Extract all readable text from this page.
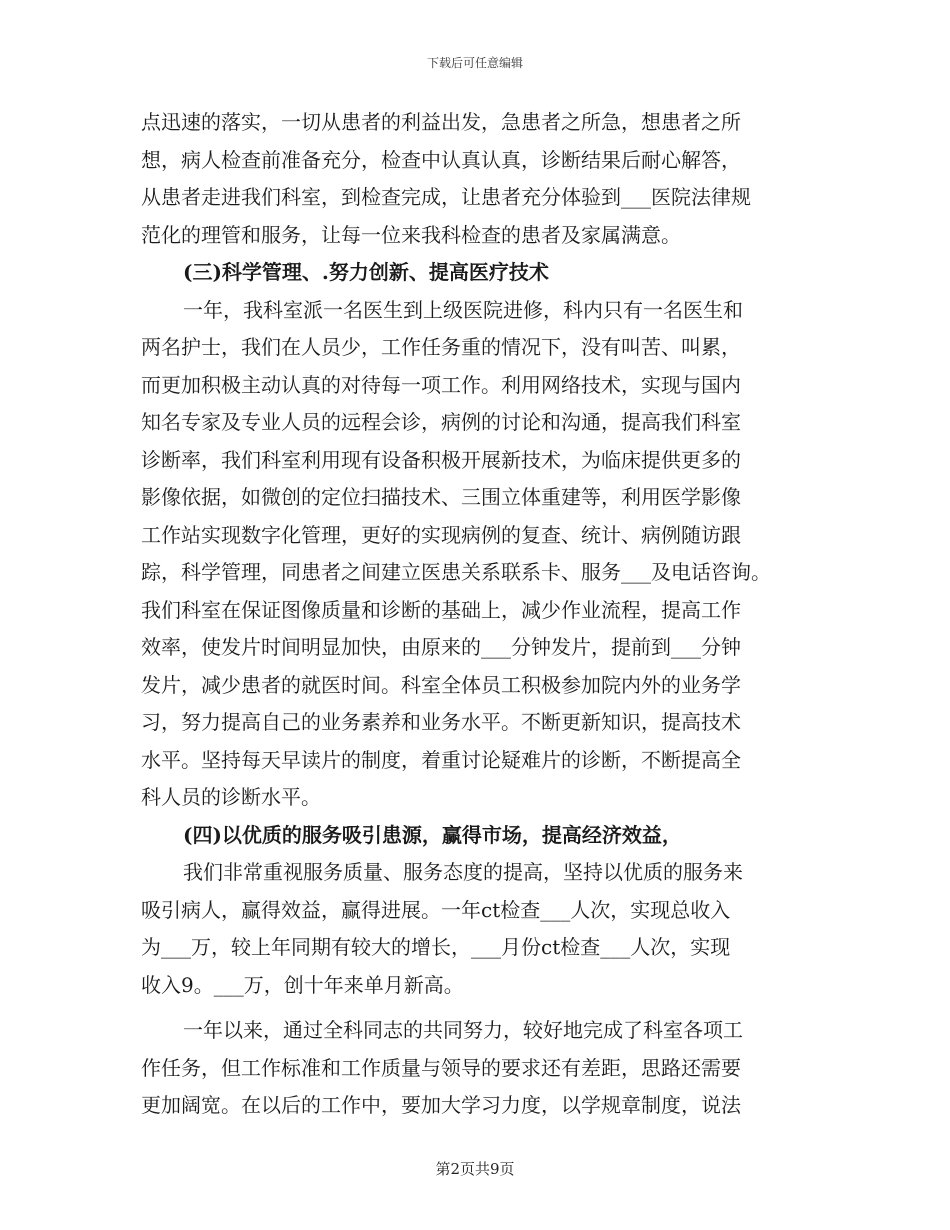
下载后可任意编辑
点迅速的落实，一切从患者的利益出发，急患者之所急，想患者之所
想，病人检查前准备充分，检查中认真认真，诊断结果后耐心解答，
从患者走进我们科室，到检查完成，让患者充分体验到___医院法律规
范化的理管和服务，让每一位来我科检查的患者及家属满意。
(三)科学管理、.努力创新、提高医疗技术
一年，我科室派一名医生到上级医院进修，科内只有一名医生和
两名护士，我们在人员少，工作任务重的情况下，没有叫苦、叫累，
而更加积极主动认真的对待每一项工作。利用网络技术，实现与国内
知名专家及专业人员的远程会诊，病例的讨论和沟通，提高我们科室
诊断率，我们科室利用现有设备积极开展新技术，为临床提供更多的
影像依据，如微创的定位扫描技术、三围立体重建等，利用医学影像
工作站实现数字化管理，更好的实现病例的复查、统计、病例随访跟
踪，科学管理，同患者之间建立医患关系联系卡、服务___及电话咨询。
我们科室在保证图像质量和诊断的基础上，减少作业流程，提高工作
效率，使发片时间明显加快，由原来的___分钟发片，提前到___分钟
发片，减少患者的就医时间。科室全体员工积极参加院内外的业务学
习，努力提高自己的业务素养和业务水平。不断更新知识，提高技术
水平。坚持每天早读片的制度，着重讨论疑难片的诊断，不断提高全
科人员的诊断水平。
(四)以优质的服务吸引患源，赢得市场，提高经济效益，
我们非常重视服务质量、服务态度的提高，坚持以优质的服务来
吸引病人，赢得效益，赢得进展。一年ct检查___人次，实现总收入
为___万，较上年同期有较大的增长，___月份ct检查___人次，实现
收入9。___万，创十年来单月新高。
一年以来，通过全科同志的共同努力，较好地完成了科室各项工
作任务，但工作标准和工作质量与领导的要求还有差距，思路还需要
更加阔宽。在以后的工作中，要加大学习力度，以学规章制度，说法
第2页共9页
